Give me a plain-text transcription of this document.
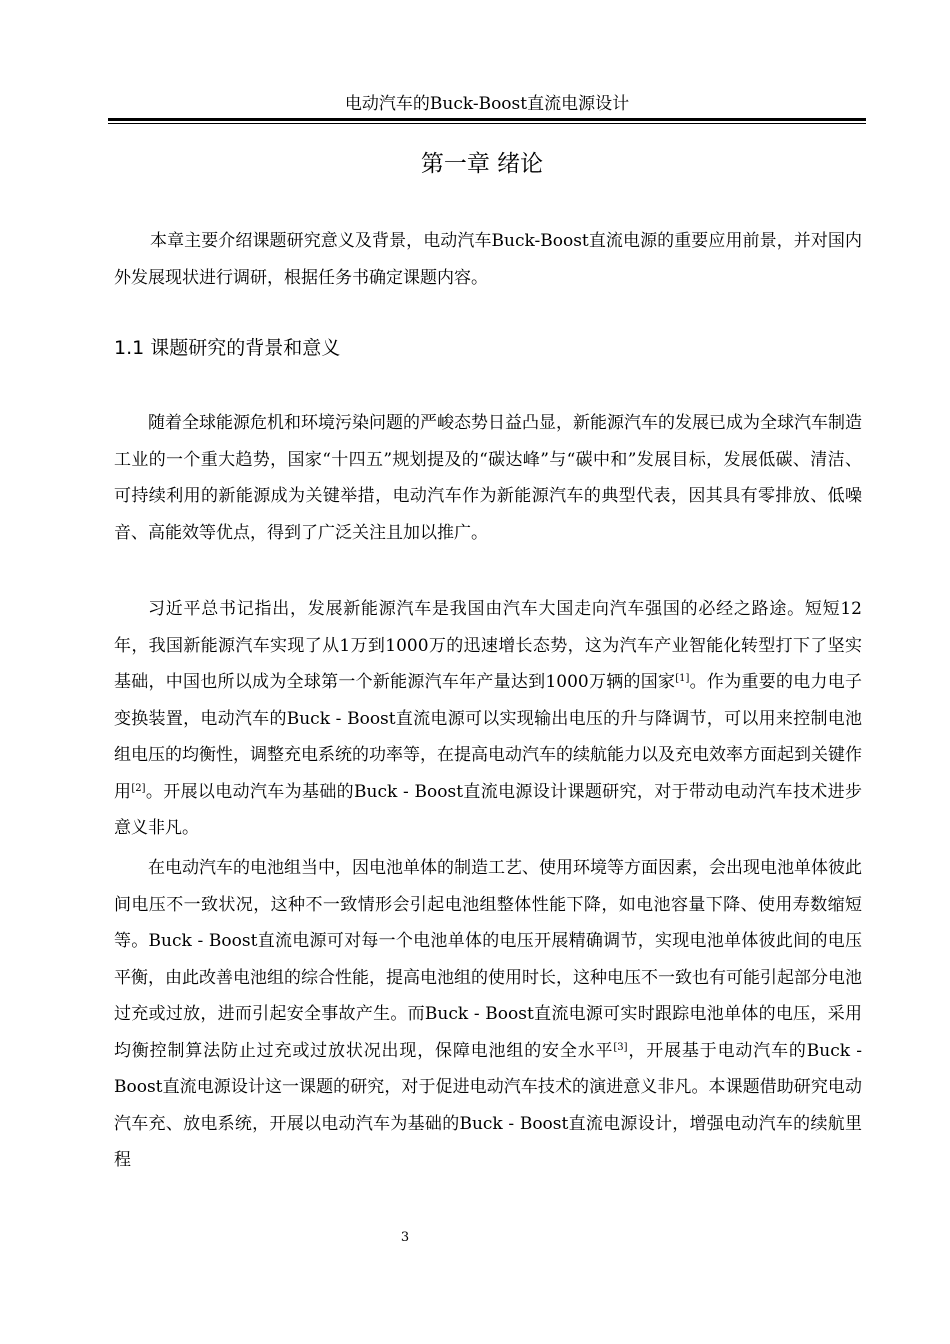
电动汽车的Buck-Boost直流电源设计
第一章 绪论

本章主要介绍课题研究意义及背景，电动汽车Buck-Boost直流电源的重要应用前景，并对国内外发展现状进行调研，根据任务书确定课题内容。

1.1 课题研究的背景和意义

随着全球能源危机和环境污染问题的严峻态势日益凸显，新能源汽车的发展已成为全球汽车制造工业的一个重大趋势，国家“十四五”规划提及的“碳达峰”与“碳中和”发展目标，发展低碳、清洁、可持续利用的新能源成为关键举措，电动汽车作为新能源汽车的典型代表，因其具有零排放、低噪音、高能效等优点，得到了广泛关注且加以推广。

习近平总书记指出，发展新能源汽车是我国由汽车大国走向汽车强国的必经之路途。短短12年，我国新能源汽车实现了从1万到1000万的迅速增长态势，这为汽车产业智能化转型打下了坚实基础，中国也所以成为全球第一个新能源汽车年产量达到1000万辆的国家[1]。作为重要的电力电子变换装置，电动汽车的Buck - Boost直流电源可以实现输出电压的升与降调节，可以用来控制电池组电压的均衡性，调整充电系统的功率等，在提高电动汽车的续航能力以及充电效率方面起到关键作用[2]。开展以电动汽车为基础的Buck - Boost直流电源设计课题研究，对于带动电动汽车技术进步意义非凡。

在电动汽车的电池组当中，因电池单体的制造工艺、使用环境等方面因素，会出现电池单体彼此间电压不一致状况，这种不一致情形会引起电池组整体性能下降，如电池容量下降、使用寿数缩短等。Buck - Boost直流电源可对每一个电池单体的电压开展精确调节，实现电池单体彼此间的电压平衡，由此改善电池组的综合性能，提高电池组的使用时长，这种电压不一致也有可能引起部分电池过充或过放，进而引起安全事故产生。而Buck - Boost直流电源可实时跟踪电池单体的电压，采用均衡控制算法防止过充或过放状况出现，保障电池组的安全水平[3]，开展基于电动汽车的Buck - Boost直流电源设计这一课题的研究，对于促进电动汽车技术的演进意义非凡。本课题借助研究电动汽车充、放电系统，开展以电动汽车为基础的Buck - Boost直流电源设计，增强电动汽车的续航里程

3
